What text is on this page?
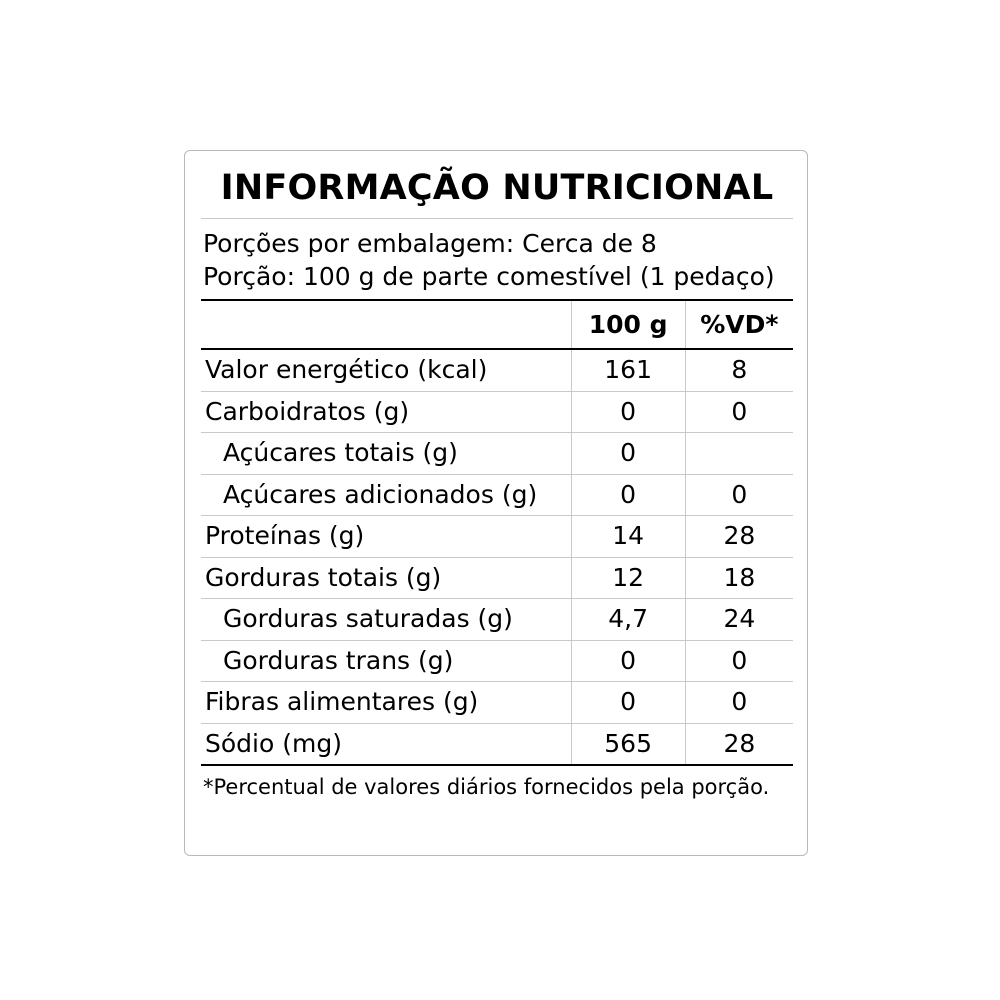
INFORMAÇÃO NUTRICIONAL
Porções por embalagem: Cerca de 8
Porção: 100 g de parte comestível (1 pedaço)
	100 g	%VD*
Valor energético (kcal)	161	8
Carboidratos (g)	0	0
Açúcares totais (g)	0	
Açúcares adicionados (g)	0	0
Proteínas (g)	14	28
Gorduras totais (g)	12	18
Gorduras saturadas (g)	4,7	24
Gorduras trans (g)	0	0
Fibras alimentares (g)	0	0
Sódio (mg)	565	28
*Percentual de valores diários fornecidos pela porção.
